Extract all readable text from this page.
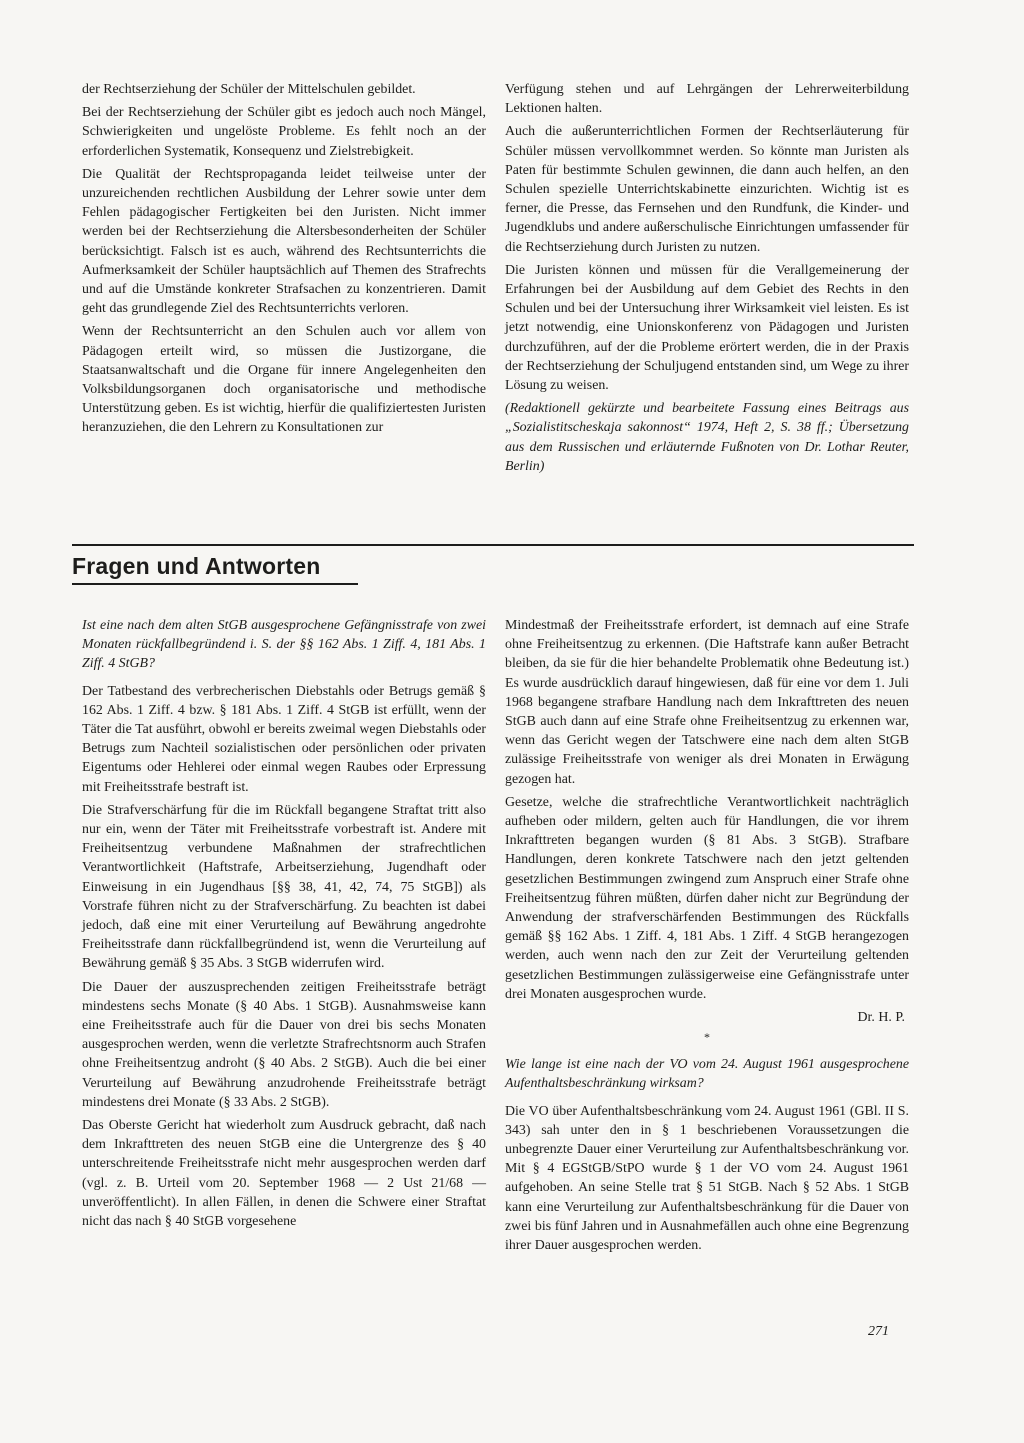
der Rechtserziehung der Schüler der Mittelschulen gebildet.

Bei der Rechtserziehung der Schüler gibt es jedoch auch noch Mängel, Schwierigkeiten und ungelöste Probleme. Es fehlt noch an der erforderlichen Systematik, Konsequenz und Zielstrebigkeit.

Die Qualität der Rechtspropaganda leidet teilweise unter der unzureichenden rechtlichen Ausbildung der Lehrer sowie unter dem Fehlen pädagogischer Fertigkeiten bei den Juristen. Nicht immer werden bei der Rechtserziehung die Altersbesonderheiten der Schüler berücksichtigt. Falsch ist es auch, während des Rechtsunterrichts die Aufmerksamkeit der Schüler hauptsächlich auf Themen des Strafrechts und auf die Umstände konkreter Strafsachen zu konzentrieren. Damit geht das grundlegende Ziel des Rechtsunterrichts verloren.

Wenn der Rechtsunterricht an den Schulen auch vor allem von Pädagogen erteilt wird, so müssen die Justizorgane, die Staatsanwaltschaft und die Organe für innere Angelegenheiten den Volksbildungsorganen doch organisatorische und methodische Unterstützung geben. Es ist wichtig, hierfür die qualifiziertesten Juristen heranzuziehen, die den Lehrern zu Konsultationen zur

Verfügung stehen und auf Lehrgängen der Lehrerweiterbildung Lektionen halten.

Auch die außerunterrichtlichen Formen der Rechtserläuterung für Schüler müssen vervollkommnet werden. So könnte man Juristen als Paten für bestimmte Schulen gewinnen, die dann auch helfen, an den Schulen spezielle Unterrichtskabinette einzurichten. Wichtig ist es ferner, die Presse, das Fernsehen und den Rundfunk, die Kinder- und Jugendklubs und andere außerschulische Einrichtungen umfassender für die Rechtserziehung durch Juristen zu nutzen.

Die Juristen können und müssen für die Verallgemeinerung der Erfahrungen bei der Ausbildung auf dem Gebiet des Rechts in den Schulen und bei der Untersuchung ihrer Wirksamkeit viel leisten. Es ist jetzt notwendig, eine Unionskonferenz von Pädagogen und Juristen durchzuführen, auf der die Probleme erörtert werden, die in der Praxis der Rechtserziehung der Schuljugend entstanden sind, um Wege zu ihrer Lösung zu weisen.

(Redaktionell gekürzte und bearbeitete Fassung eines Beitrags aus „Sozialistitscheskaja sakonnost“ 1974, Heft 2, S. 38 ff.; Übersetzung aus dem Russischen und erläuternde Fußnoten von Dr. Lothar Reuter, Berlin)

Fragen und Antworten

Ist eine nach dem alten StGB ausgesprochene Gefängnisstrafe von zwei Monaten rückfallbegründend i. S. der §§ 162 Abs. 1 Ziff. 4, 181 Abs. 1 Ziff. 4 StGB?

Der Tatbestand des verbrecherischen Diebstahls oder Betrugs gemäß § 162 Abs. 1 Ziff. 4 bzw. § 181 Abs. 1 Ziff. 4 StGB ist erfüllt, wenn der Täter die Tat ausführt, obwohl er bereits zweimal wegen Diebstahls oder Betrugs zum Nachteil sozialistischen oder persönlichen oder privaten Eigentums oder Hehlerei oder einmal wegen Raubes oder Erpressung mit Freiheitsstrafe bestraft ist.

Die Strafverschärfung für die im Rückfall begangene Straftat tritt also nur ein, wenn der Täter mit Freiheitsstrafe vorbestraft ist. Andere mit Freiheitsentzug verbundene Maßnahmen der strafrechtlichen Verantwortlichkeit (Haftstrafe, Arbeitserziehung, Jugendhaft oder Einweisung in ein Jugendhaus [§§ 38, 41, 42, 74, 75 StGB]) als Vorstrafe führen nicht zu der Strafverschärfung. Zu beachten ist dabei jedoch, daß eine mit einer Verurteilung auf Bewährung angedrohte Freiheitsstrafe dann rückfallbegründend ist, wenn die Verurteilung auf Bewährung gemäß § 35 Abs. 3 StGB widerrufen wird.

Die Dauer der auszusprechenden zeitigen Freiheitsstrafe beträgt mindestens sechs Monate (§ 40 Abs. 1 StGB). Ausnahmsweise kann eine Freiheitsstrafe auch für die Dauer von drei bis sechs Monaten ausgesprochen werden, wenn die verletzte Strafrechtsnorm auch Strafen ohne Freiheitsentzug androht (§ 40 Abs. 2 StGB). Auch die bei einer Verurteilung auf Bewährung anzudrohende Freiheitsstrafe beträgt mindestens drei Monate (§ 33 Abs. 2 StGB).

Das Oberste Gericht hat wiederholt zum Ausdruck gebracht, daß nach dem Inkrafttreten des neuen StGB eine die Untergrenze des § 40 unterschreitende Freiheitsstrafe nicht mehr ausgesprochen werden darf (vgl. z. B. Urteil vom 20. September 1968 — 2 Ust 21/68 — unveröffentlicht). In allen Fällen, in denen die Schwere einer Straftat nicht das nach § 40 StGB vorgesehene

Mindestmaß der Freiheitsstrafe erfordert, ist demnach auf eine Strafe ohne Freiheitsentzug zu erkennen. (Die Haftstrafe kann außer Betracht bleiben, da sie für die hier behandelte Problematik ohne Bedeutung ist.) Es wurde ausdrücklich darauf hingewiesen, daß für eine vor dem 1. Juli 1968 begangene strafbare Handlung nach dem Inkrafttreten des neuen StGB auch dann auf eine Strafe ohne Freiheitsentzug zu erkennen war, wenn das Gericht wegen der Tatschwere eine nach dem alten StGB zulässige Freiheitsstrafe von weniger als drei Monaten in Erwägung gezogen hat.

Gesetze, welche die strafrechtliche Verantwortlichkeit nachträglich aufheben oder mildern, gelten auch für Handlungen, die vor ihrem Inkrafttreten begangen wurden (§ 81 Abs. 3 StGB). Strafbare Handlungen, deren konkrete Tatschwere nach den jetzt geltenden gesetzlichen Bestimmungen zwingend zum Anspruch einer Strafe ohne Freiheitsentzug führen müßten, dürfen daher nicht zur Begründung der Anwendung der strafverschärfenden Bestimmungen des Rückfalls gemäß §§ 162 Abs. 1 Ziff. 4, 181 Abs. 1 Ziff. 4 StGB herangezogen werden, auch wenn nach den zur Zeit der Verurteilung geltenden gesetzlichen Bestimmungen zulässigerweise eine Gefängnisstrafe unter drei Monaten ausgesprochen wurde.

Dr. H. P.

*

Wie lange ist eine nach der VO vom 24. August 1961 ausgesprochene Aufenthaltsbeschränkung wirksam?

Die VO über Aufenthaltsbeschränkung vom 24. August 1961 (GBl. II S. 343) sah unter den in § 1 beschriebenen Voraussetzungen die unbegrenzte Dauer einer Verurteilung zur Aufenthaltsbeschränkung vor. Mit § 4 EGStGB/StPO wurde § 1 der VO vom 24. August 1961 aufgehoben. An seine Stelle trat § 51 StGB. Nach § 52 Abs. 1 StGB kann eine Verurteilung zur Aufenthaltsbeschränkung für die Dauer von zwei bis fünf Jahren und in Ausnahmefällen auch ohne eine Begrenzung ihrer Dauer ausgesprochen werden.

271
